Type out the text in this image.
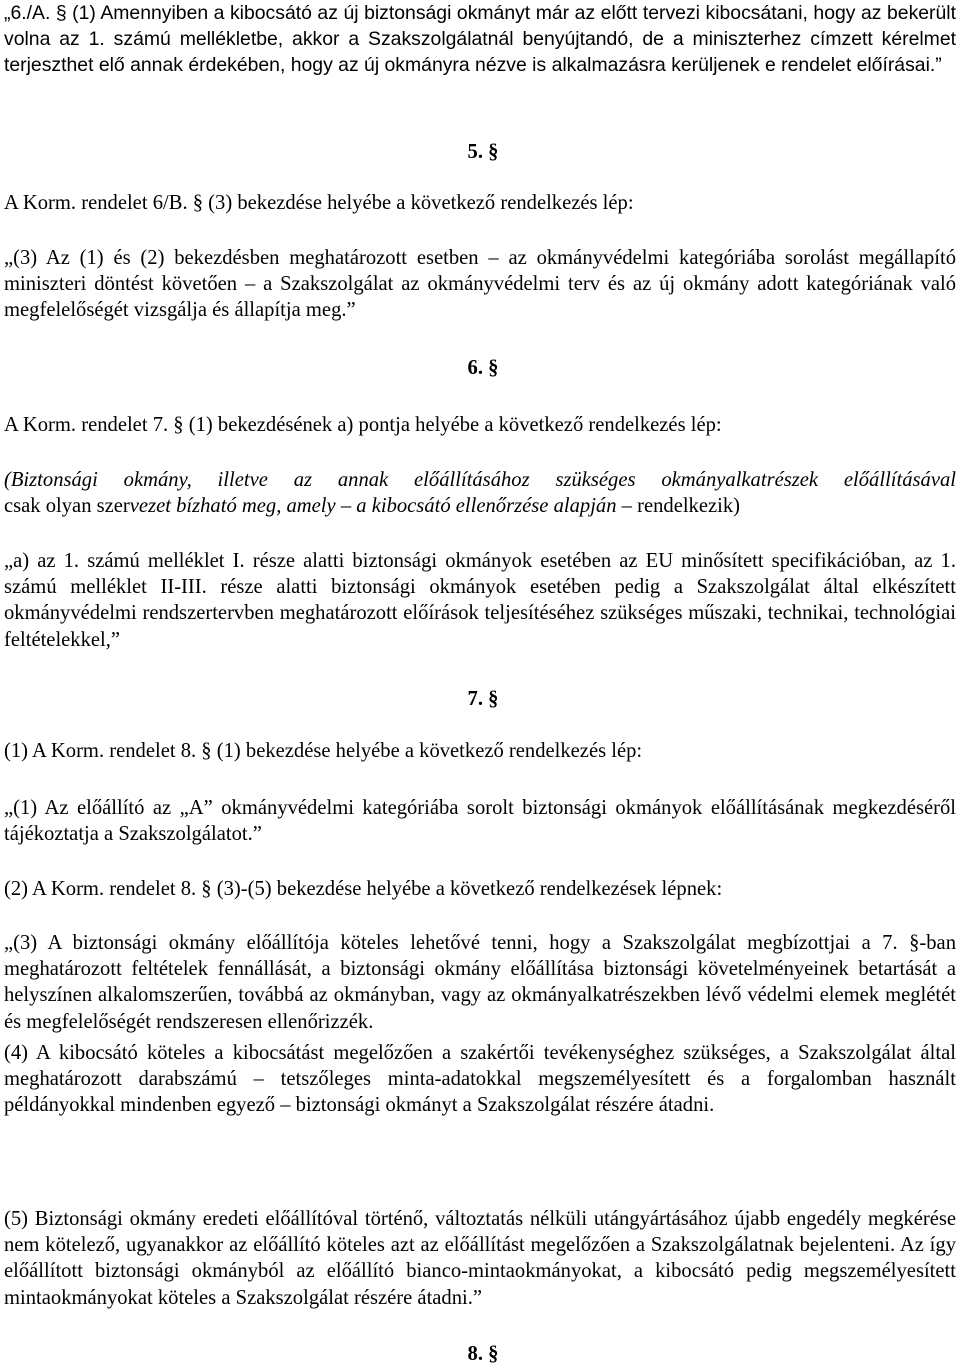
„6./A. § (1) Amennyiben a kibocsátó az új biztonsági okmányt már az előtt tervezi kibocsátani, hogy az bekerült volna az 1. számú mellékletbe, akkor a Szakszolgálatnál benyújtandó, de a miniszterhez címzett kérelmet terjeszthet elő annak érdekében, hogy az új okmányra nézve is alkalmazásra kerüljenek e rendelet előírásai.”

5. §

A Korm. rendelet 6/B. § (3) bekezdése helyébe a következő rendelkezés lép:

„(3) Az (1) és (2) bekezdésben meghatározott esetben – az okmányvédelmi kategóriába sorolást megállapító miniszteri döntést követően – a Szakszolgálat az okmányvédelmi terv és az új okmány adott kategóriának való megfelelőségét vizsgálja és állapítja meg.”

6. §

A Korm. rendelet 7. § (1) bekezdésének a) pontja helyébe a következő rendelkezés lép:

(Biztonsági okmány, illetve az annak előállításához szükséges okmányalkatrészek előállításával
csak olyan szervezet bízható meg, amely – a kibocsátó ellenőrzése alapján – rendelkezik)

„a) az 1. számú melléklet I. része alatti biztonsági okmányok esetében az EU minősített specifikációban, az 1. számú melléklet II-III. része alatti biztonsági okmányok esetében pedig a Szakszolgálat által elkészített okmányvédelmi rendszertervben meghatározott előírások teljesítéséhez szükséges műszaki, technikai, technológiai feltételekkel,”

7. §

(1) A Korm. rendelet 8. § (1) bekezdése helyébe a következő rendelkezés lép:

„(1) Az előállító az „A” okmányvédelmi kategóriába sorolt biztonsági okmányok előállításának megkezdéséről tájékoztatja a Szakszolgálatot.”

(2) A Korm. rendelet 8. § (3)-(5) bekezdése helyébe a következő rendelkezések lépnek:

„(3) A biztonsági okmány előállítója köteles lehetővé tenni, hogy a Szakszolgálat megbízottjai a 7. §-ban meghatározott feltételek fennállását, a biztonsági okmány előállítása biztonsági követelményeinek betartását a helyszínen alkalomszerűen, továbbá az okmányban, vagy az okmányalkatrészekben lévő védelmi elemek meglétét és megfelelőségét rendszeresen ellenőrizzék.

(4) A kibocsátó köteles a kibocsátást megelőzően a szakértői tevékenységhez szükséges, a Szakszolgálat által meghatározott darabszámú – tetszőleges minta-adatokkal megszemélyesített és a forgalomban használt példányokkal mindenben egyező – biztonsági okmányt a Szakszolgálat részére átadni.

(5) Biztonsági okmány eredeti előállítóval történő, változtatás nélküli utángyártásához újabb engedély megkérése nem kötelező, ugyanakkor az előállító köteles azt az előállítást megelőzően a Szakszolgálatnak bejelenteni. Az így előállított biztonsági okmányból az előállító bianco-mintaokmányokat, a kibocsátó pedig megszemélyesített mintaokmányokat köteles a Szakszolgálat részére átadni.”

8. §
